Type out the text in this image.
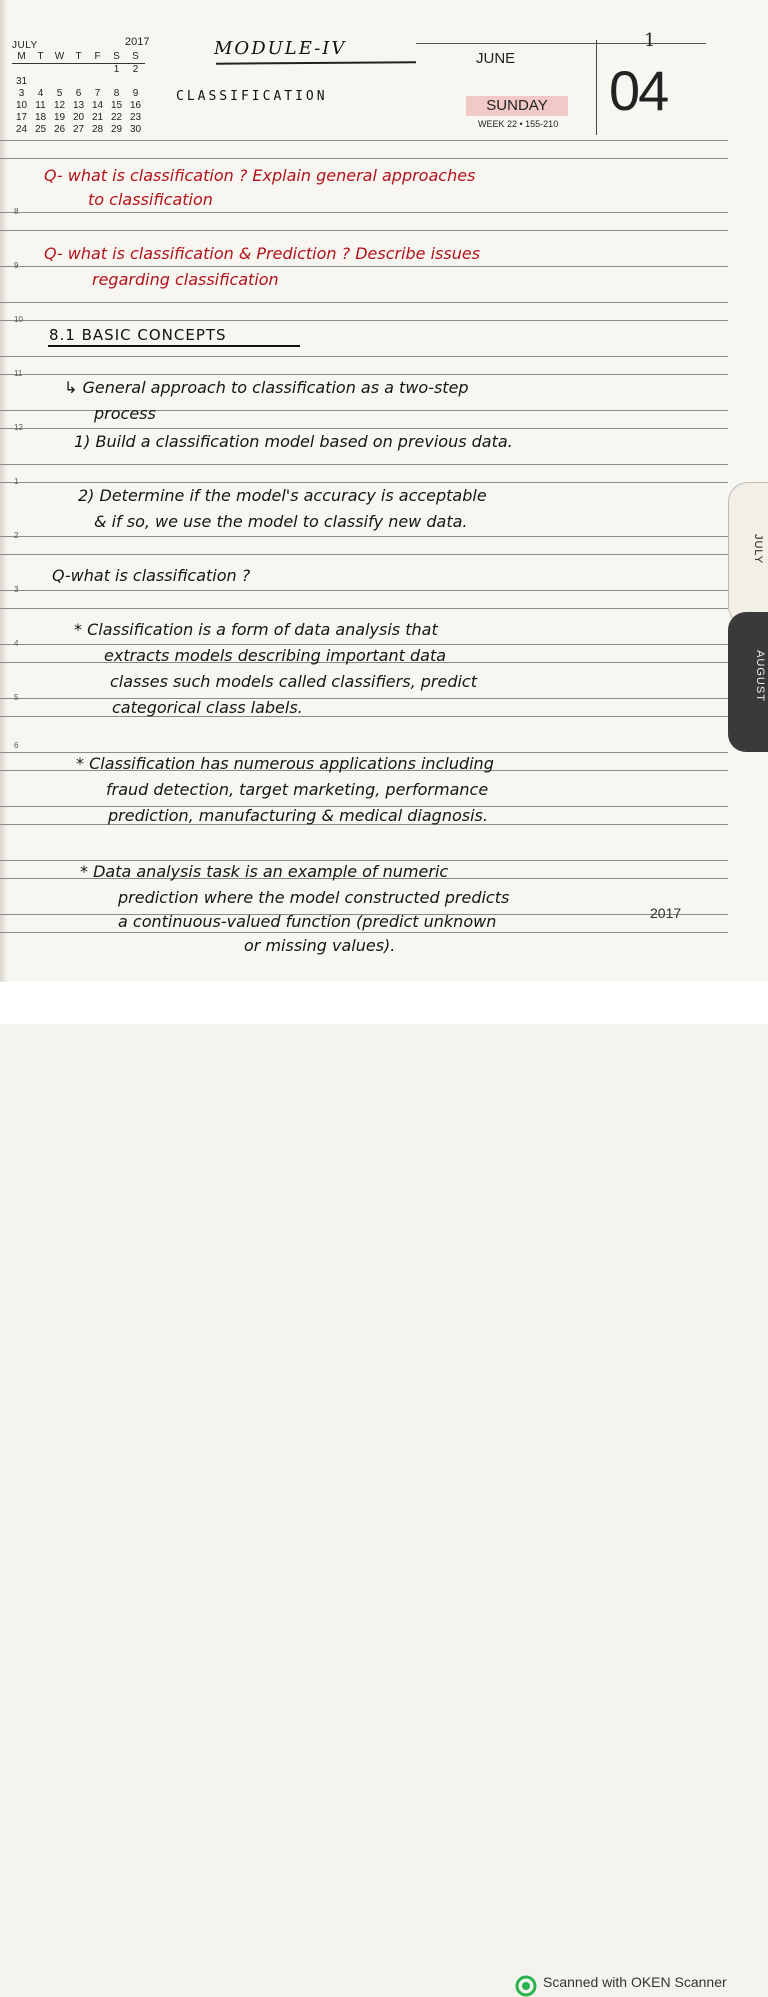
JULY	2017
M	T	W	T	F	S	S
					1	2
31						
3	4	5	6	7	8	9
10	11	12	13	14	15	16
17	18	19	20	21	22	23
24	25	26	27	28	29	30
MODULE-IV
CLASSIFICATION
JUNE
1
SUNDAY
WEEK 22 • 155-210
04
8
9
10
11
12
1
2
3
4
5
6
Q- what is classification ? Explain general approaches
to classification
Q- what is classification & Prediction ? Describe issues
regarding classification
8.1 BASIC CONCEPTS
↳ General approach to classification as a two-step
process
1) Build a classification model based on previous data.
2) Determine if the model's accuracy is acceptable
& if so, we use the model to classify new data.
Q-what is classification ?
* Classification is a form of data analysis that
extracts models describing important data
classes such models called classifiers, predict
categorical class labels.
* Classification has numerous applications including
fraud detection, target marketing, performance
prediction, manufacturing & medical diagnosis.
* Data analysis task is an example of numeric
prediction where the model constructed predicts
a continuous-valued function (predict unknown
or missing values).
2017
JULY
AUGUST
Scanned with OKEN Scanner
